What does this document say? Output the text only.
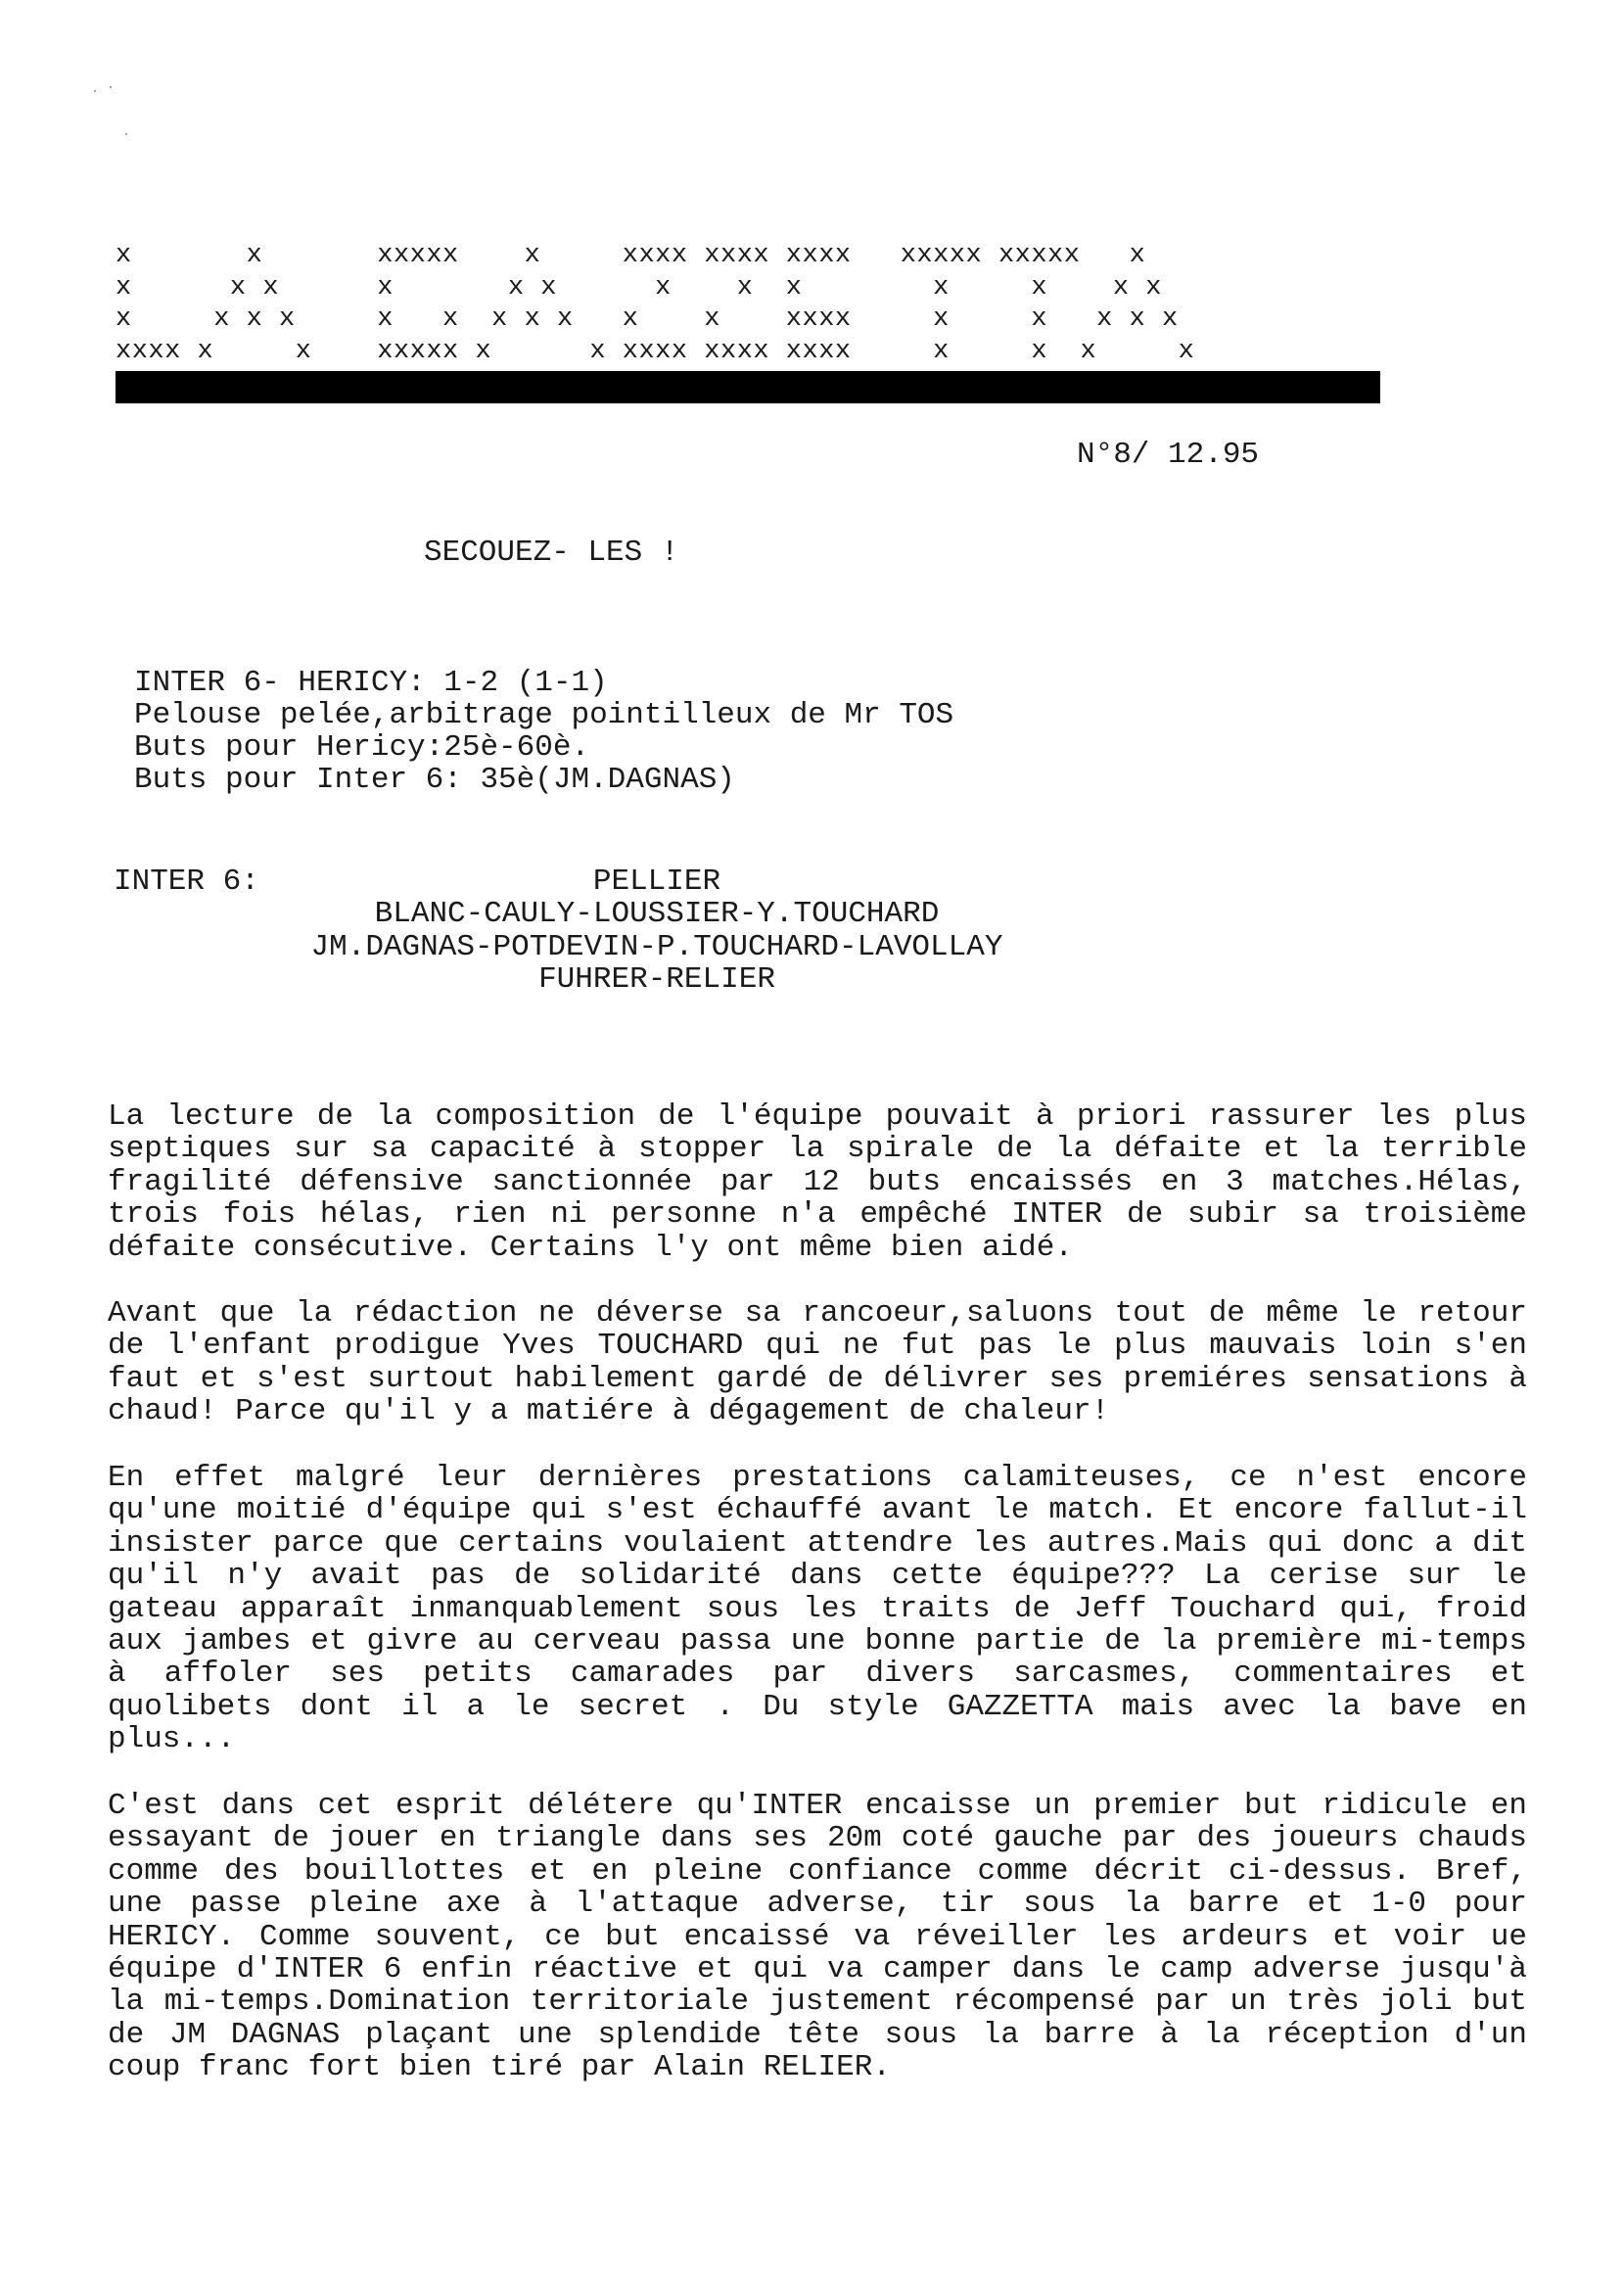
x       x       xxxxx    x     xxxx xxxx xxxx   xxxxx xxxxx   x
x      x x      x       x x      x    x  x        x     x    x x
x     x x x     x   x  x x x   x    x    xxxx     x     x   x x x
xxxx x     x    xxxxx x      x xxxx xxxx xxxx     x     x  x     x
N°8/ 12.95
SECOUEZ- LES !
INTER 6- HERICY: 1-2 (1-1)
Pelouse pelée,arbitrage pointilleux de Mr TOS
Buts pour Hericy:25è-60è.
Buts pour Inter 6: 35è(JM.DAGNAS)
INTER 6:	PELLIER
BLANC-CAULY-LOUSSIER-Y.TOUCHARD
JM.DAGNAS-POTDEVIN-P.TOUCHARD-LAVOLLAY
FUHRER-RELIER

La lecture de la composition de l'équipe pouvait à priori rassurer les plus septiques sur sa capacité à stopper la spirale de la défaite et la terrible fragilité défensive sanctionnée par 12 buts encaissés en 3 matches.Hélas, trois fois hélas, rien ni personne n'a empêché INTER de subir sa troisième défaite consécutive. Certains l'y ont même bien aidé.

Avant que la rédaction ne déverse sa rancoeur,saluons tout de même le retour de l'enfant prodigue Yves TOUCHARD qui ne fut pas le plus mauvais loin s'en faut et s'est surtout habilement gardé de délivrer ses premiéres sensations à chaud! Parce qu'il y a matiére à dégagement de chaleur!

En effet malgré leur dernières prestations calamiteuses, ce n'est encore qu'une moitié d'équipe qui s'est échauffé avant le match. Et encore fallut-il insister parce que certains voulaient attendre les autres.Mais qui donc a dit qu'il n'y avait pas de solidarité dans cette équipe??? La cerise sur le gateau apparaît inmanquablement sous les traits de Jeff Touchard qui, froid aux jambes et givre au cerveau passa une bonne partie de la première mi-temps à affoler ses petits camarades par divers sarcasmes, commentaires et quolibets dont il a le secret . Du style GAZZETTA mais avec la bave en plus...

C'est dans cet esprit délétere qu'INTER encaisse un premier but ridicule en essayant de jouer en triangle dans ses 20m coté gauche par des joueurs chauds comme des bouillottes et en pleine confiance comme décrit ci-dessus. Bref, une passe pleine axe à l'attaque adverse, tir sous la barre et 1-0 pour HERICY. Comme souvent, ce but encaissé va réveiller les ardeurs et voir ue équipe d'INTER 6 enfin réactive et qui va camper dans le camp adverse jusqu'à la mi-temps.Domination territoriale justement récompensé par un très joli but de JM DAGNAS plaçant une splendide tête sous la barre à la réception d'un coup franc fort bien tiré par Alain RELIER.
